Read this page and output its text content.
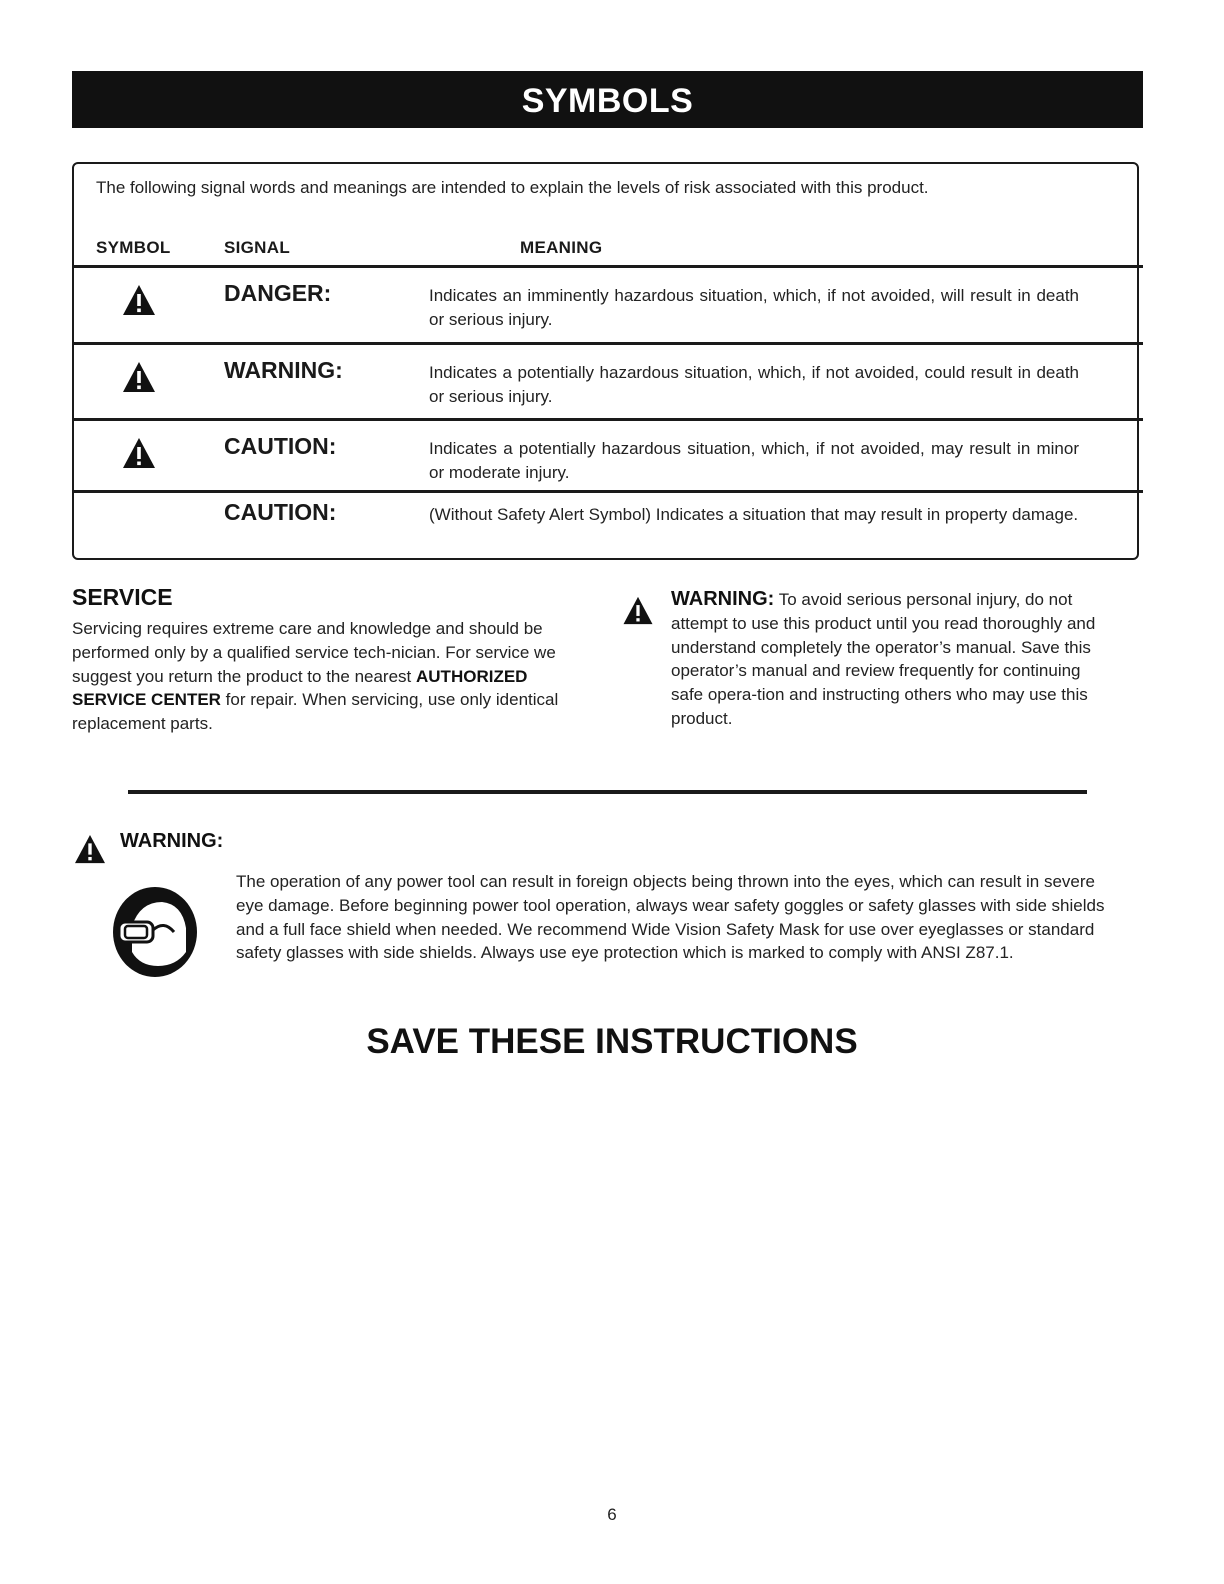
SYMBOLS
The following signal words and meanings are intended to explain the levels of risk associated with this product.
SYMBOL	SIGNAL	MEANING
DANGER:	Indicates an imminently hazardous situation, which, if not avoided, will result in death or serious injury.
WARNING:	Indicates a potentially hazardous situation, which, if not avoided, could result in death or serious injury.
CAUTION:	Indicates a potentially hazardous situation, which, if not avoided, may result in minor or moderate injury.
CAUTION:	(Without Safety Alert Symbol) Indicates a situation that may result in property damage.
SERVICE
Servicing requires extreme care and knowledge and should be performed only by a qualified service tech-nician. For service we suggest you return the product to the nearest AUTHORIZED SERVICE CENTER for repair. When servicing, use only identical replacement parts.
WARNING: To avoid serious personal injury, do not attempt to use this product until you read thoroughly and understand completely the operator’s manual. Save this operator’s manual and review frequently for continuing safe opera-tion and instructing others who may use this product.
WARNING:
The operation of any power tool can result in foreign objects being thrown into the eyes, which can result in severe eye damage. Before beginning power tool operation, always wear safety goggles or safety glasses with side shields and a full face shield when needed. We recommend Wide Vision Safety Mask for use over eyeglasses or standard safety glasses with side shields. Always use eye protection which is marked to comply with ANSI Z87.1.
SAVE THESE INSTRUCTIONS
6
